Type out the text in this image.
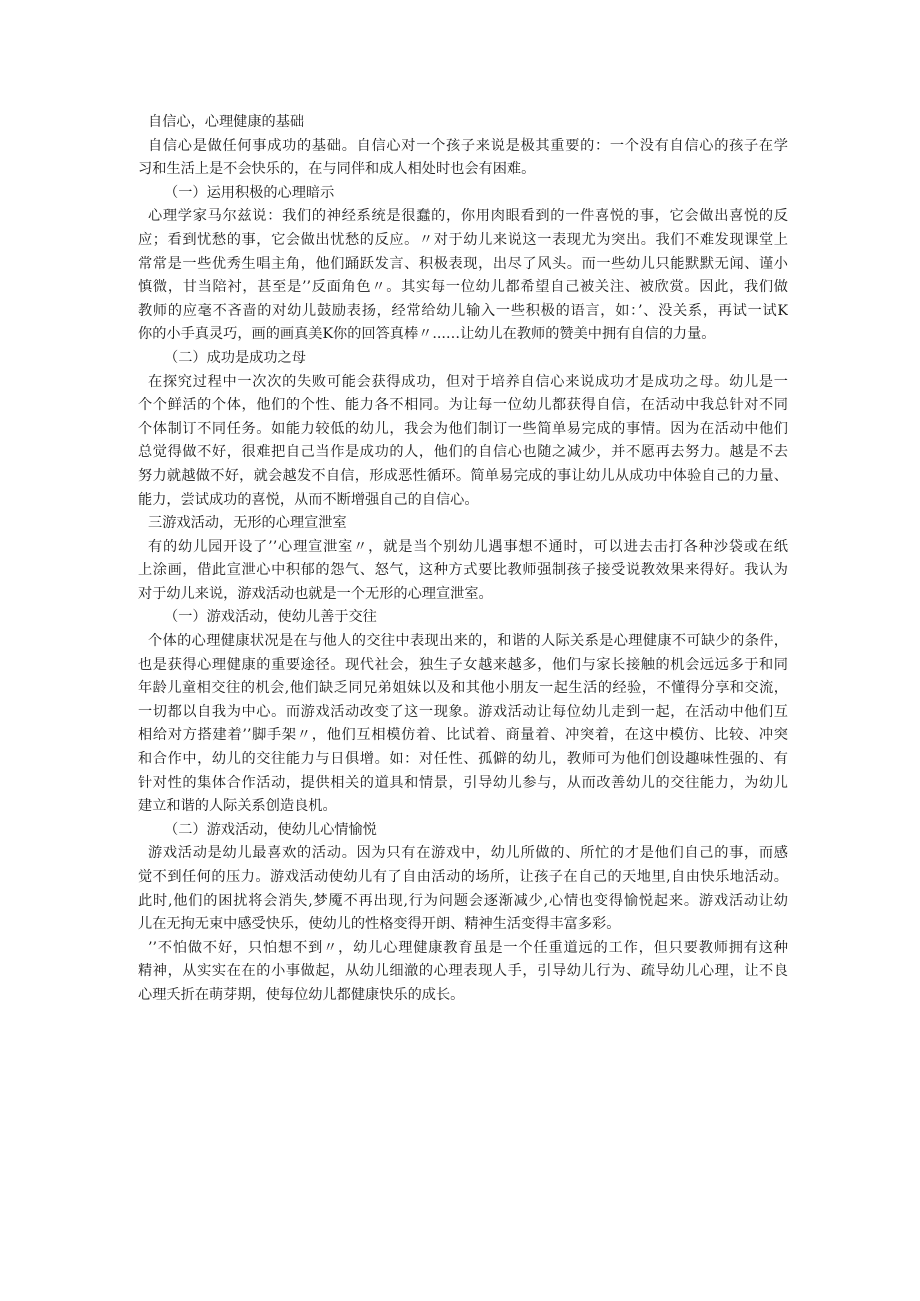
自信心，心理健康的基础

自信心是做任何事成功的基础。自信心对一个孩子来说是极其重要的：一个没有自信心的孩子在学

习和生活上是不会快乐的，在与同伴和成人相处时也会有困难。

（一）运用积极的心理暗示

心理学家马尔兹说：我们的神经系统是很蠢的，你用肉眼看到的一件喜悦的事，它会做出喜悦的反

应；看到忧愁的事，它会做出忧愁的反应。〃对于幼儿来说这一表现尤为突出。我们不难发现课堂上

常常是一些优秀生唱主角，他们踊跃发言、积极表现，出尽了风头。而一些幼儿只能默默无闻、谨小

慎微，甘当陪衬，甚至是’’反面角色〃。其实每一位幼儿都希望自己被关注、被欣赏。因此，我们做

教师的应毫不吝啬的对幼儿鼓励表扬，经常给幼儿输入一些积极的语言，如：’、没关系，再试一试K

你的小手真灵巧，画的画真美K你的回答真棒〃...…让幼儿在教师的赞美中拥有自信的力量。

（二）成功是成功之母

在探究过程中一次次的失败可能会获得成功，但对于培养自信心来说成功才是成功之母。幼儿是一

个个鲜活的个体，他们的个性、能力各不相同。为让每一位幼儿都获得自信，在活动中我总针对不同

个体制订不同任务。如能力较低的幼儿，我会为他们制订一些简单易完成的事情。因为在活动中他们

总觉得做不好，很难把自己当作是成功的人，他们的自信心也随之减少，并不愿再去努力。越是不去

努力就越做不好，就会越发不自信，形成恶性循环。简单易完成的事让幼儿从成功中体验自己的力量、

能力，尝试成功的喜悦，从而不断增强自己的自信心。

三游戏活动，无形的心理宣泄室

有的幼儿园开设了’’心理宣泄室〃，就是当个别幼儿遇事想不通时，可以进去击打各种沙袋或在纸

上涂画，借此宣泄心中积郁的怨气、怒气，这种方式要比教师强制孩子接受说教效果来得好。我认为

对于幼儿来说，游戏活动也就是一个无形的心理宣泄室。

（一）游戏活动，使幼儿善于交往

个体的心理健康状况是在与他人的交往中表现出来的，和谐的人际关系是心理健康不可缺少的条件，

也是获得心理健康的重要途径。现代社会，独生子女越来越多，他们与家长接触的机会远远多于和同

年龄儿童相交往的机会,他们缺乏同兄弟姐妹以及和其他小朋友一起生活的经验，不懂得分享和交流，

一切都以自我为中心。而游戏活动改变了这一现象。游戏活动让每位幼儿走到一起，在活动中他们互

相给对方搭建着’’脚手架〃，他们互相模仿着、比试着、商量着、冲突着，在这中模仿、比较、冲突

和合作中，幼儿的交往能力与日俱增。如：对任性、孤僻的幼儿，教师可为他们创设趣味性强的、有

针对性的集体合作活动，提供相关的道具和情景，引导幼儿参与，从而改善幼儿的交往能力，为幼儿

建立和谐的人际关系创造良机。

（二）游戏活动，使幼儿心情愉悦

游戏活动是幼儿最喜欢的活动。因为只有在游戏中，幼儿所做的、所忙的才是他们自己的事，而感

觉不到任何的压力。游戏活动使幼儿有了自由活动的场所，让孩子在自己的天地里,自由快乐地活动。

此时,他们的困扰将会消失,梦魇不再出现,行为问题会逐渐减少,心情也变得愉悦起来。游戏活动让幼

儿在无拘无束中感受快乐，使幼儿的性格变得开朗、精神生活变得丰富多彩。

’’不怕做不好，只怕想不到〃，幼儿心理健康教育虽是一个任重道远的工作，但只要教师拥有这种

精神，从实实在在的小事做起，从幼儿细澈的心理表现人手，引导幼儿行为、疏导幼儿心理，让不良

心理夭折在萌芽期，使每位幼儿都健康快乐的成长。
